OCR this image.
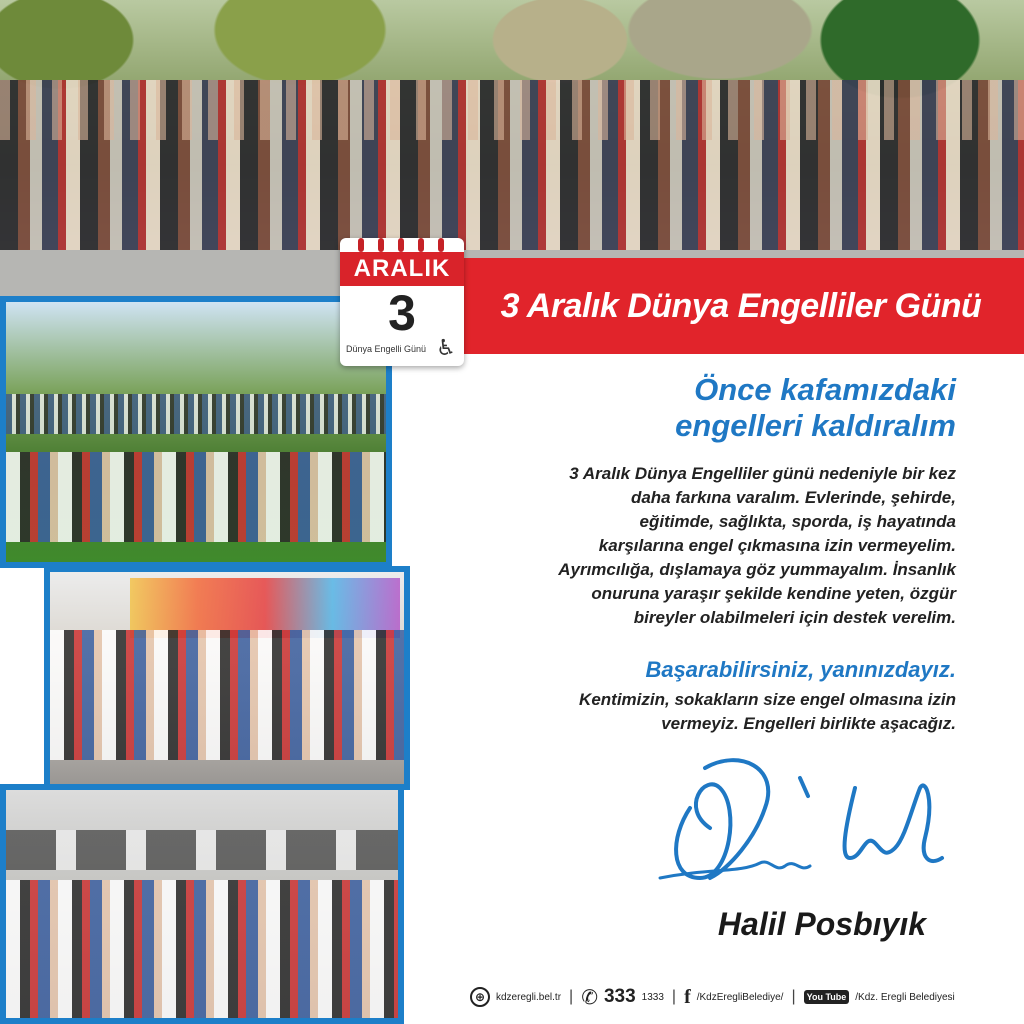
3 Aralık Dünya Engelliler Günü
ARALIK
3
Dünya Engelli Günü ♿
Önce kafamızdaki
engelleri kaldıralım
3 Aralık Dünya Engelliler günü nedeniyle bir kez
daha farkına varalım. Evlerinde, şehirde,
eğitimde, sağlıkta, sporda, iş hayatında
karşılarına engel çıkmasına izin vermeyelim.
Ayrımcılığa, dışlamaya göz yummayalım. İnsanlık
onuruna yaraşır şekilde kendine yeten, özgür
bireyler olabilmeleri için destek verelim.
Başarabilirsiniz, yanınızdayız.
Kentimizin, sokakların size engel olmasına izin
vermeyiz. Engelleri birlikte aşacağız.
Halil Posbıyık
⊕	kdzeregli.bel.tr | ✆ 333 1333 | f /KdzEregliBelediye/ |	You Tube /Kdz. Eregli Belediyesi
